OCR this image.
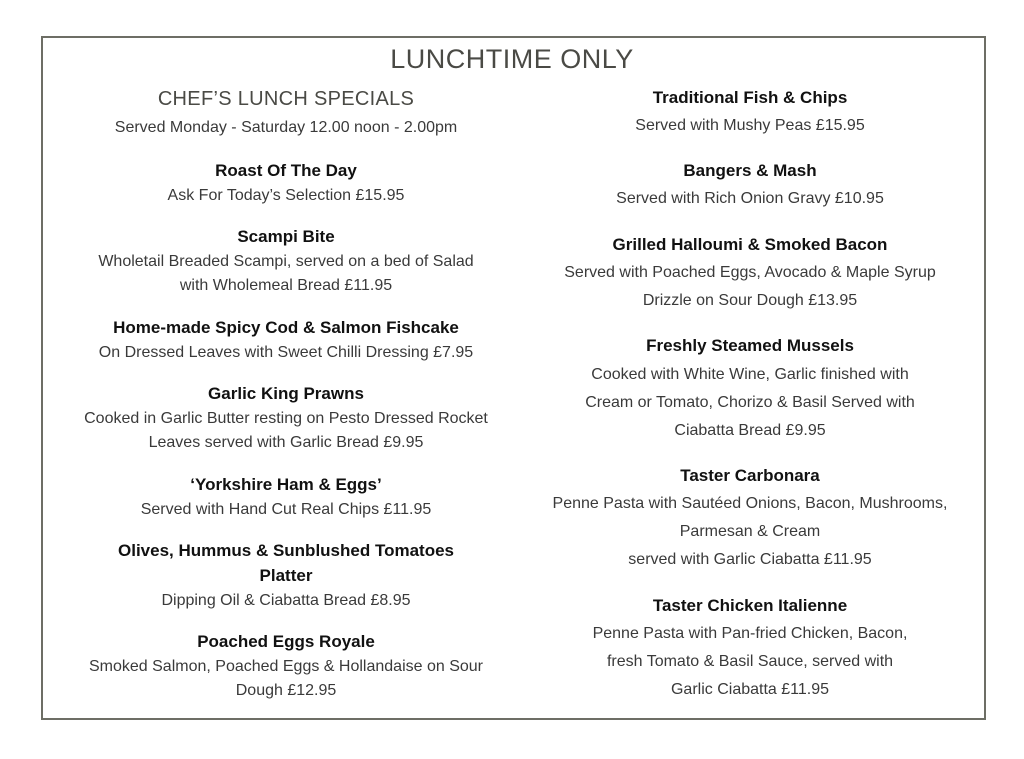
LUNCHTIME ONLY
CHEF’S LUNCH SPECIALS
Served Monday - Saturday 12.00 noon - 2.00pm
Roast Of The Day
Ask For Today’s Selection £15.95
Scampi Bite
Wholetail Breaded Scampi, served on a bed of Salad
with Wholemeal Bread £11.95
Home-made Spicy Cod & Salmon Fishcake
On Dressed Leaves with Sweet Chilli Dressing £7.95
Garlic King Prawns
Cooked in Garlic Butter resting on Pesto Dressed Rocket
Leaves served with Garlic Bread £9.95
‘Yorkshire Ham & Eggs’
Served with Hand Cut Real Chips £11.95
Olives, Hummus & Sunblushed Tomatoes
Platter
Dipping Oil & Ciabatta Bread £8.95
Poached Eggs Royale
Smoked Salmon, Poached Eggs & Hollandaise on Sour
Dough £12.95
Traditional Fish & Chips
Served with Mushy Peas £15.95
Bangers & Mash
Served with Rich Onion Gravy £10.95
Grilled Halloumi & Smoked Bacon
Served with Poached Eggs, Avocado & Maple Syrup
Drizzle on Sour Dough £13.95
Freshly Steamed Mussels
Cooked with White Wine, Garlic finished with
Cream or Tomato, Chorizo & Basil Served with
Ciabatta Bread £9.95
Taster Carbonara
Penne Pasta with Sautéed Onions, Bacon, Mushrooms,
Parmesan & Cream
served with Garlic Ciabatta £11.95
Taster Chicken Italienne
Penne Pasta with Pan-fried Chicken, Bacon,
fresh Tomato & Basil Sauce, served with
Garlic Ciabatta £11.95
